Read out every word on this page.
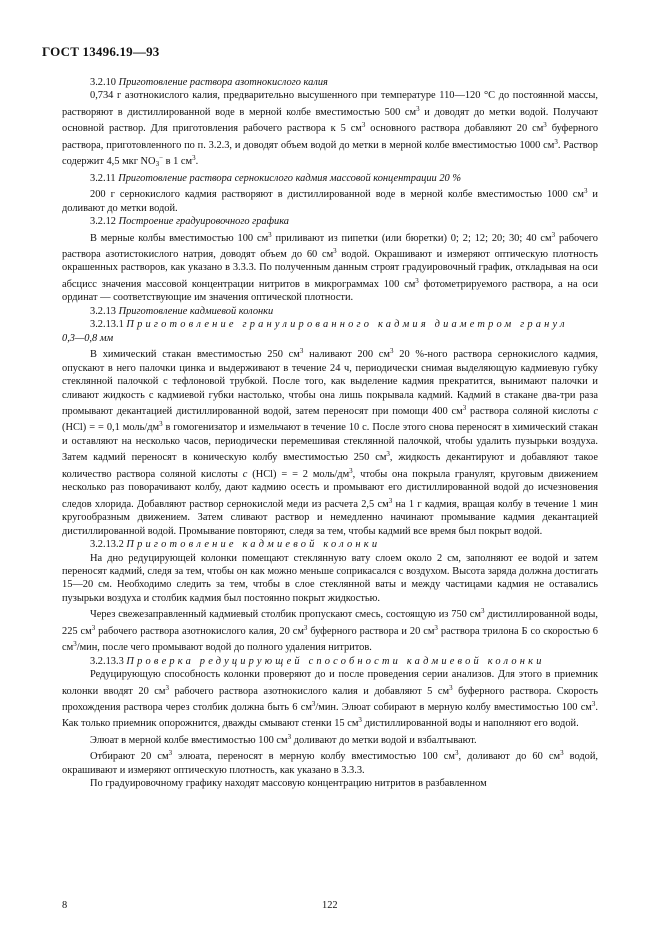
ГОСТ 13496.19—93

3.2.10 Приготовление раствора азотнокислого калия

0,734 г азотнокислого калия, предварительно высушенного при температуре 110—120 °С до постоянной массы, растворяют в дистиллированной воде в мерной колбе вместимостью 500 $см^3$ и доводят до метки водой. Получают основной раствор. Для приготовления рабочего раствора к 5 $см^3$ основного раствора добавляют 20 $см^3$ буферного раствора, приготовленного по п. 3.2.3, и доводят объем водой до метки в мерной колбе вместимостью 1000 $см^3$. Раствор содержит 4,5 мкг $NO_3^-$ в 1 $см^3$.

3.2.11 Приготовление раствора сернокислого кадмия массовой концентрации 20 %

200 г сернокислого кадмия растворяют в дистиллированной воде в мерной колбе вместимостью 1000 $см^3$ и доливают до метки водой.

3.2.12 Построение градуировочного графика

В мерные колбы вместимостью 100 $см^3$ приливают из пипетки (или бюретки) 0; 2; 12; 20; 30; 40 $см^3$ рабочего раствора азотистокислого натрия, доводят объем до 60 $см^3$ водой. Окрашивают и измеряют оптическую плотность окрашенных растворов, как указано в 3.3.3. По полученным данным строят градуировочный график, откладывая на оси абсцисс значения массовой концентрации нитритов в микрограммах 100 $см^3$ фотометрируемого раствора, а на оси ординат — соответствующие им значения оптической плотности.

3.2.13 Приготовление кадмиевой колонки

3.2.13.1 Приготовление гранулированного кадмия диаметром гранул

0,3—0,8 мм

В химический стакан вместимостью 250 $см^3$ наливают 200 $см^3$ 20 %-ного раствора сернокислого кадмия, опускают в него палочки цинка и выдерживают в течение 24 ч, периодически снимая выделяющую кадмиевую губку стеклянной палочкой с тефлоновой трубкой. После того, как выделение кадмия прекратится, вынимают палочки и сливают жидкость с кадмиевой губки настолько, чтобы она лишь покрывала кадмий. Кадмий в стакане два-три раза промывают декантацией дистиллированной водой, затем переносят при помощи 400 $см^3$ раствора соляной кислоты c (HCl) = = 0,1 моль/$дм^3$ в гомогенизатор и измельчают в течение 10 с. После этого снова переносят в химический стакан и оставляют на несколько часов, периодически перемешивая стеклянной палочкой, чтобы удалить пузырьки воздуха. Затем кадмий переносят в коническую колбу вместимостью 250 $см^3$, жидкость декантируют и добавляют такое количество раствора соляной кислоты c (HCl) = = 2 моль/$дм^3$, чтобы она покрыла гранулят, круговым движением несколько раз поворачивают колбу, дают кадмию осесть и промывают его дистиллированной водой до исчезновения следов хлорида. Добавляют раствор сернокислой меди из расчета 2,5 $см^3$ на 1 г кадмия, вращая колбу в течение 1 мин кругообразным движением. Затем сливают раствор и немедленно начинают промывание кадмия декантацией дистиллированной водой. Промывание повторяют, следя за тем, чтобы кадмий все время был покрыт водой.

3.2.13.2 Приготовление кадмиевой колонки

На дно редуцирующей колонки помещают стеклянную вату слоем около 2 см, заполняют ее водой и затем переносят кадмий, следя за тем, чтобы он как можно меньше соприкасался с воздухом. Высота заряда должна достигать 15—20 см. Необходимо следить за тем, чтобы в слое стеклянной ваты и между частицами кадмия не оставались пузырьки воздуха и столбик кадмия был постоянно покрыт жидкостью.

Через свежезаправленный кадмиевый столбик пропускают смесь, состоящую из 750 $см^3$ дистиллированной воды, 225 $см^3$ рабочего раствора азотнокислого калия, 20 $см^3$ буферного раствора и 20 $см^3$ раствора трилона Б со скоростью 6 $см^3$/мин, после чего промывают водой до полного удаления нитритов.

3.2.13.3 Проверка редуцирующей способности кадмиевой колонки

Редуцирующую способность колонки проверяют до и после проведения серии анализов. Для этого в приемник колонки вводят 20 $см^3$ рабочего раствора азотнокислого калия и добавляют 5 $см^3$ буферного раствора. Скорость прохождения раствора через столбик должна быть 6 $см^3$/мин. Элюат собирают в мерную колбу вместимостью 100 $см^3$. Как только приемник опорожнится, дважды смывают стенки 15 $см^3$ дистиллированной воды и наполняют его водой.

Элюат в мерной колбе вместимостью 100 $см^3$ доливают до метки водой и взбалтывают.

Отбирают 20 $см^3$ элюата, переносят в мерную колбу вместимостью 100 $см^3$, доливают до 60 $см^3$ водой, окрашивают и измеряют оптическую плотность, как указано в 3.3.3.

По градуировочному графику находят массовую концентрацию нитритов в разбавленном

8	122
